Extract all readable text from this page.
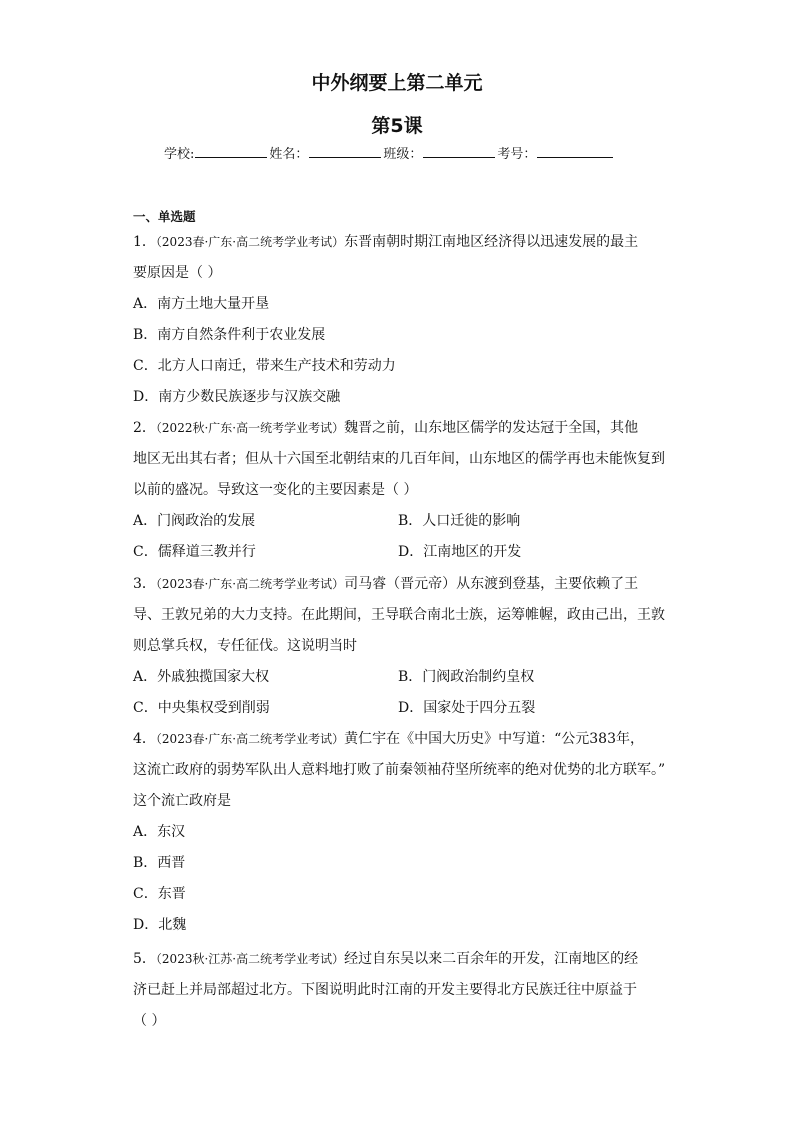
中外纲要上第二单元
第5课
学校:	姓名：	班级：	考号：
一、单选题
1．（2023春·广东·高二统考学业考试）东晋南朝时期江南地区经济得以迅速发展的最主
要原因是（ ）
A．南方土地大量开垦
B．南方自然条件利于农业发展
C．北方人口南迁，带来生产技术和劳动力
D．南方少数民族逐步与汉族交融
2．（2022秋·广东·高一统考学业考试）魏晋之前，山东地区儒学的发达冠于全国，其他
地区无出其右者；但从十六国至北朝结束的几百年间，山东地区的儒学再也未能恢复到
以前的盛况。导致这一变化的主要因素是（ ）
A．门阀政治的发展	B．人口迁徙的影响
C．儒释道三教并行	D．江南地区的开发
3．（2023春·广东·高二统考学业考试）司马睿（晋元帝）从东渡到登基，主要依赖了王
导、王敦兄弟的大力支持。在此期间，王导联合南北士族，运筹帷幄，政由己出，王敦
则总掌兵权，专任征伐。这说明当时
A．外戚独揽国家大权	B．门阀政治制约皇权
C．中央集权受到削弱	D．国家处于四分五裂
4．（2023春·广东·高二统考学业考试）黄仁宇在《中国大历史》中写道：“公元383年，
这流亡政府的弱势军队出人意料地打败了前秦领袖苻坚所统率的绝对优势的北方联军。”
这个流亡政府是
A．东汉
B．西晋
C．东晋
D．北魏
5．（2023秋·江苏·高二统考学业考试）经过自东吴以来二百余年的开发，江南地区的经
济已赶上并局部超过北方。下图说明此时江南的开发主要得北方民族迁往中原益于
（ ）
